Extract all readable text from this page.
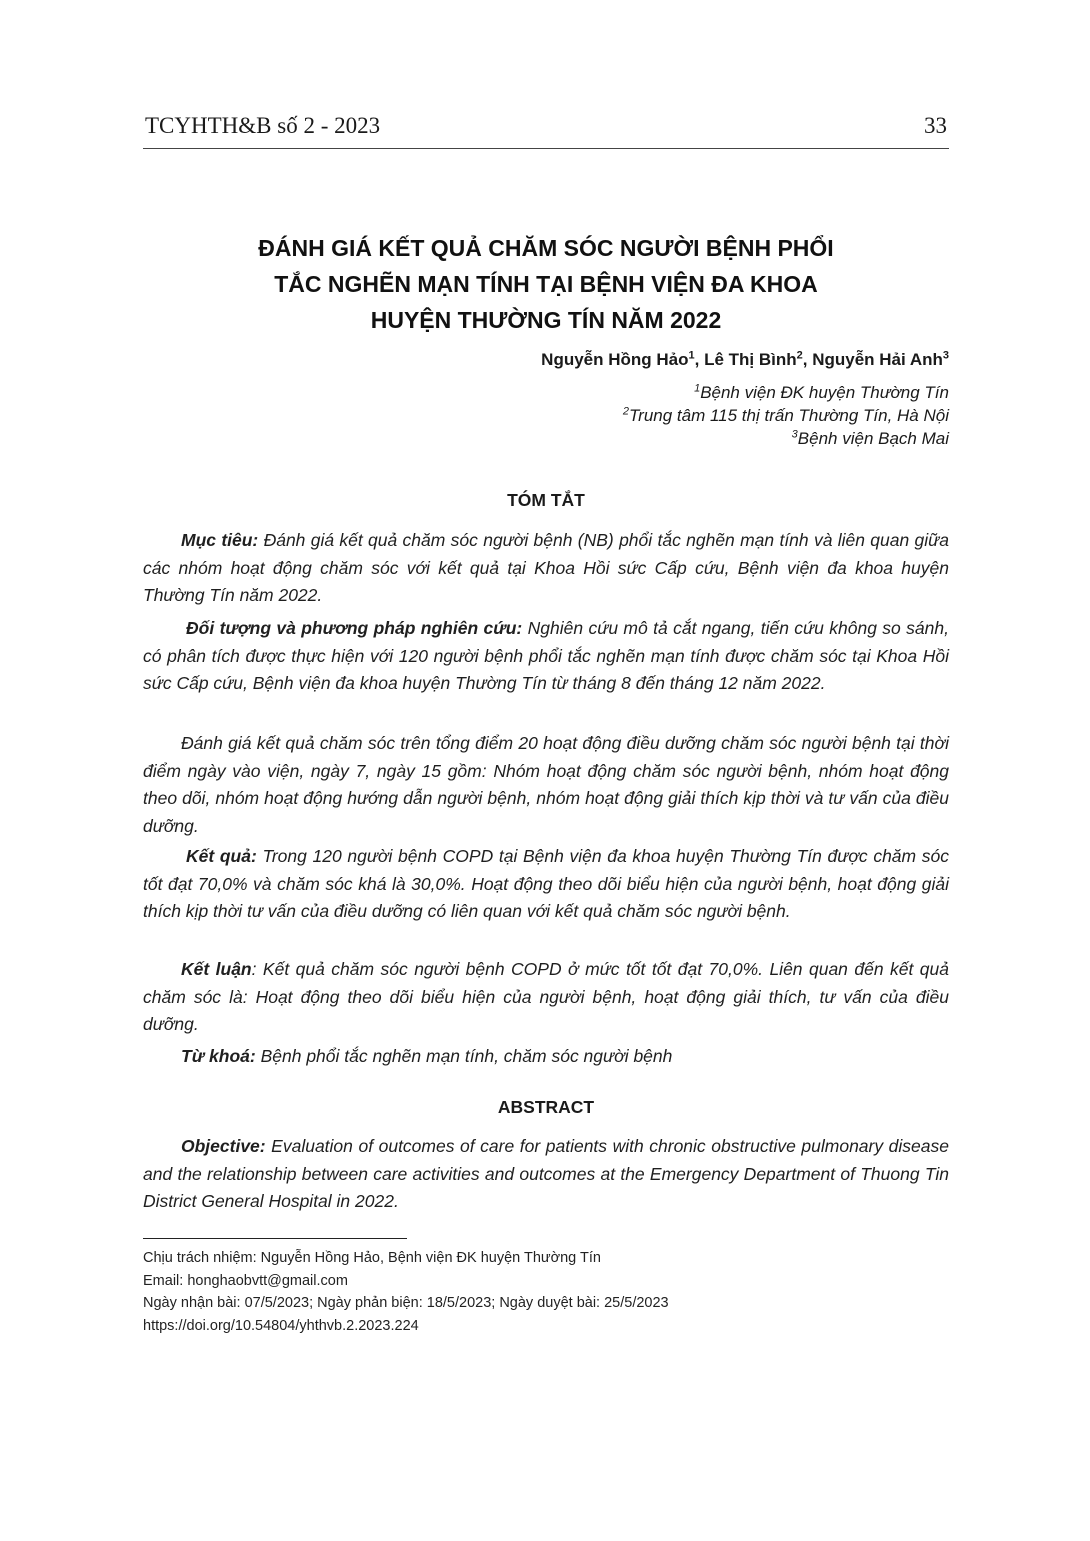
TCYHTH&B số 2 - 2023	33
ĐÁNH GIÁ KẾT QUẢ CHĂM SÓC NGƯỜI BỆNH PHỔI
TẮC NGHẼN MẠN TÍNH TẠI BỆNH VIỆN ĐA KHOA
HUYỆN THƯỜNG TÍN NĂM 2022
Nguyễn Hồng Hảo$^1$, Lê Thị Bình$^2$, Nguyễn Hải Anh$^3$
$^1$Bệnh viện ĐK huyện Thường Tín
$^2$Trung tâm 115 thị trấn Thường Tín, Hà Nội
$^3$Bệnh viện Bạch Mai
TÓM TẮT
Mục tiêu: Đánh giá kết quả chăm sóc người bệnh (NB) phổi tắc nghẽn mạn tính và liên quan giữa các nhóm hoạt động chăm sóc với kết quả tại Khoa Hồi sức Cấp cứu, Bệnh viện đa khoa huyện Thường Tín năm 2022.
Đối tượng và phương pháp nghiên cứu: Nghiên cứu mô tả cắt ngang, tiến cứu không so sánh, có phân tích được thực hiện với 120 người bệnh phổi tắc nghẽn mạn tính được chăm sóc tại Khoa Hồi sức Cấp cứu, Bệnh viện đa khoa huyện Thường Tín từ tháng 8 đến tháng 12 năm 2022.
Đánh giá kết quả chăm sóc trên tổng điểm 20 hoạt động điều dưỡng chăm sóc người bệnh tại thời điểm ngày vào viện, ngày 7, ngày 15 gồm: Nhóm hoạt động chăm sóc người bệnh, nhóm hoạt động theo dõi, nhóm hoạt động hướng dẫn người bệnh, nhóm hoạt động giải thích kịp thời và tư vấn của điều dưỡng.
Kết quả: Trong 120 người bệnh COPD tại Bệnh viện đa khoa huyện Thường Tín được chăm sóc tốt đạt 70,0% và chăm sóc khá là 30,0%. Hoạt động theo dõi biểu hiện của người bệnh, hoạt động giải thích kịp thời tư vấn của điều dưỡng có liên quan với kết quả chăm sóc người bệnh.
Kết luận: Kết quả chăm sóc người bệnh COPD ở mức tốt tốt đạt 70,0%. Liên quan đến kết quả chăm sóc là: Hoạt động theo dõi biểu hiện của người bệnh, hoạt động giải thích, tư vấn của điều dưỡng.
Từ khoá: Bệnh phổi tắc nghẽn mạn tính, chăm sóc người bệnh
ABSTRACT
Objective: Evaluation of outcomes of care for patients with chronic obstructive pulmonary disease and the relationship between care activities and outcomes at the Emergency Department of Thuong Tin District General Hospital in 2022.
Chịu trách nhiệm: Nguyễn Hồng Hảo, Bệnh viện ĐK huyện Thường Tín
Email: honghaobvtt@gmail.com
Ngày nhận bài: 07/5/2023; Ngày phản biện: 18/5/2023; Ngày duyệt bài: 25/5/2023
https://doi.org/10.54804/yhthvb.2.2023.224
